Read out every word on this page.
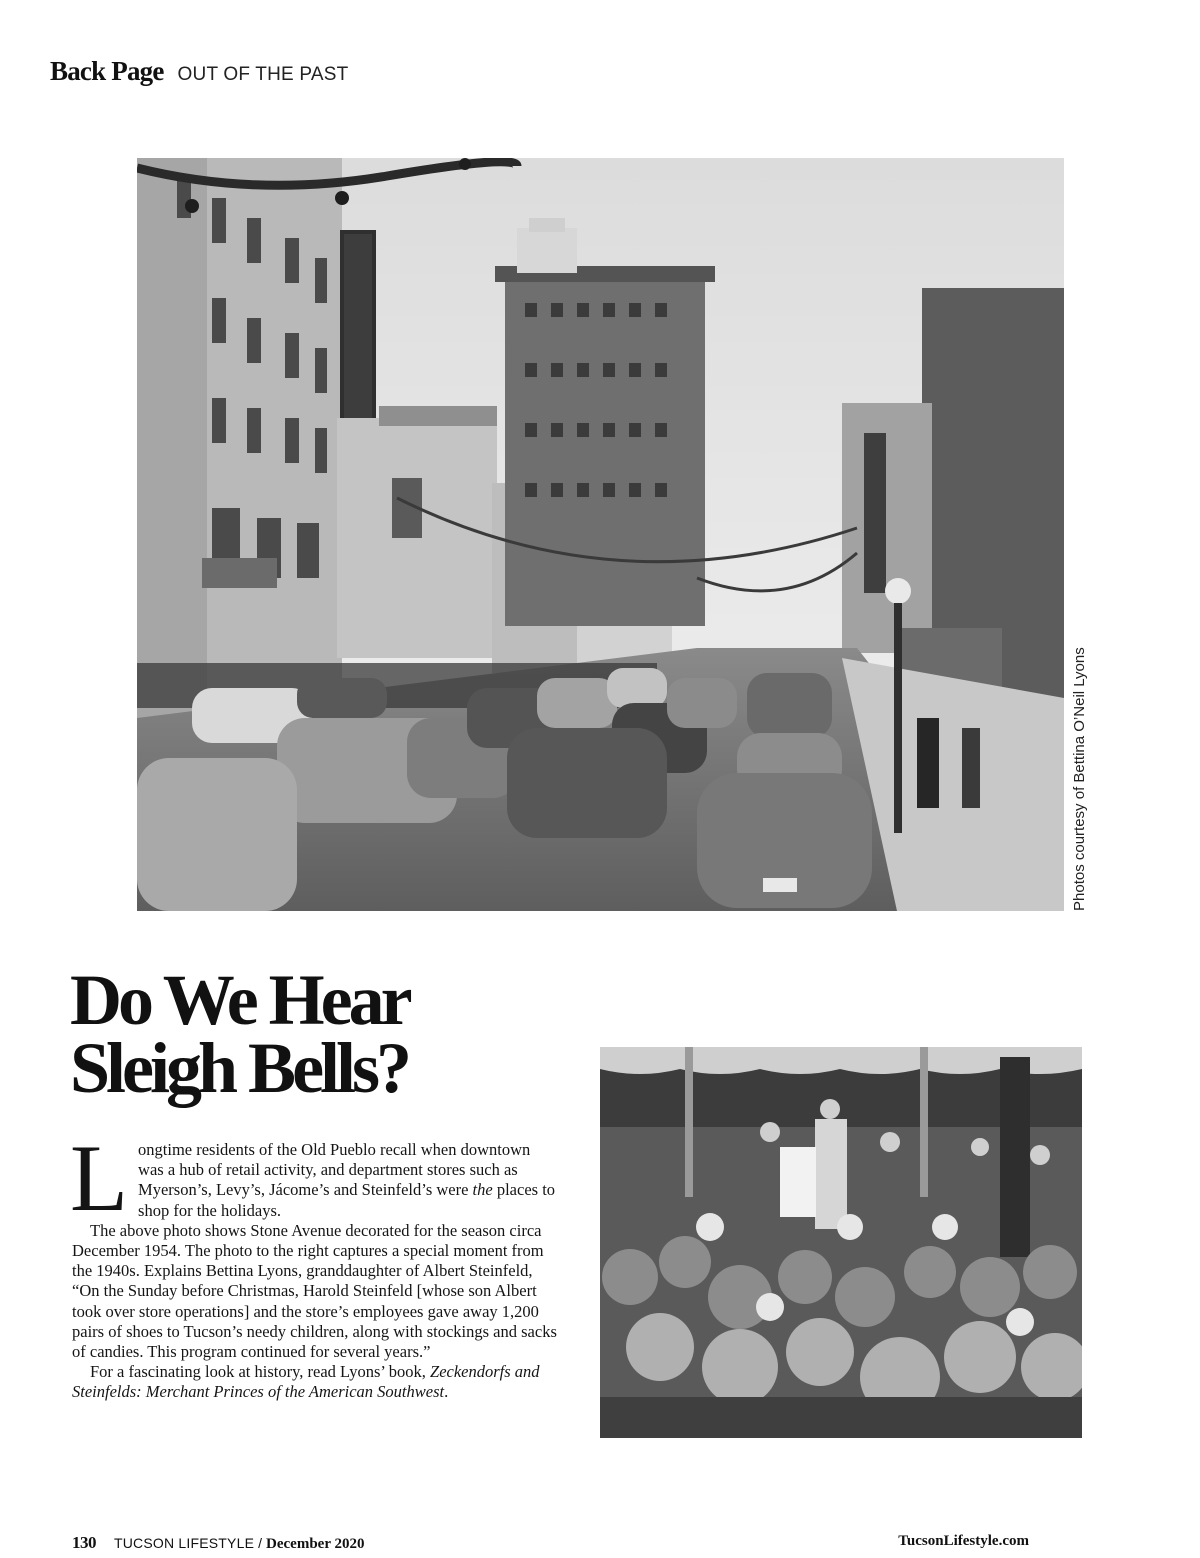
Back Page OUT OF THE PAST
Photos courtesy of Bettina O’Neil Lyons
Do We Hear
Sleigh Bells?
L ongtime residents of the Old Pueblo recall when downtown was a hub of retail activity, and department stores such as Myerson’s, Levy’s, Jácome’s and Steinfeld’s were the places to shop for the holidays.

The above photo shows Stone Avenue decorated for the season circa December 1954. The photo to the right captures a special moment from the 1940s. Explains Bettina Lyons, granddaughter of Albert Steinfeld, “On the Sunday before Christmas, Harold Steinfeld [whose son Albert took over store operations] and the store’s employees gave away 1,200 pairs of shoes to Tucson’s needy children, along with stockings and sacks of candies. This program continued for several years.”

For a fascinating look at history, read Lyons’ book, Zeckendorfs and Steinfelds: Merchant Princes of the American Southwest.

130 TUCSON LIFESTYLE / December 2020	TucsonLifestyle.com
